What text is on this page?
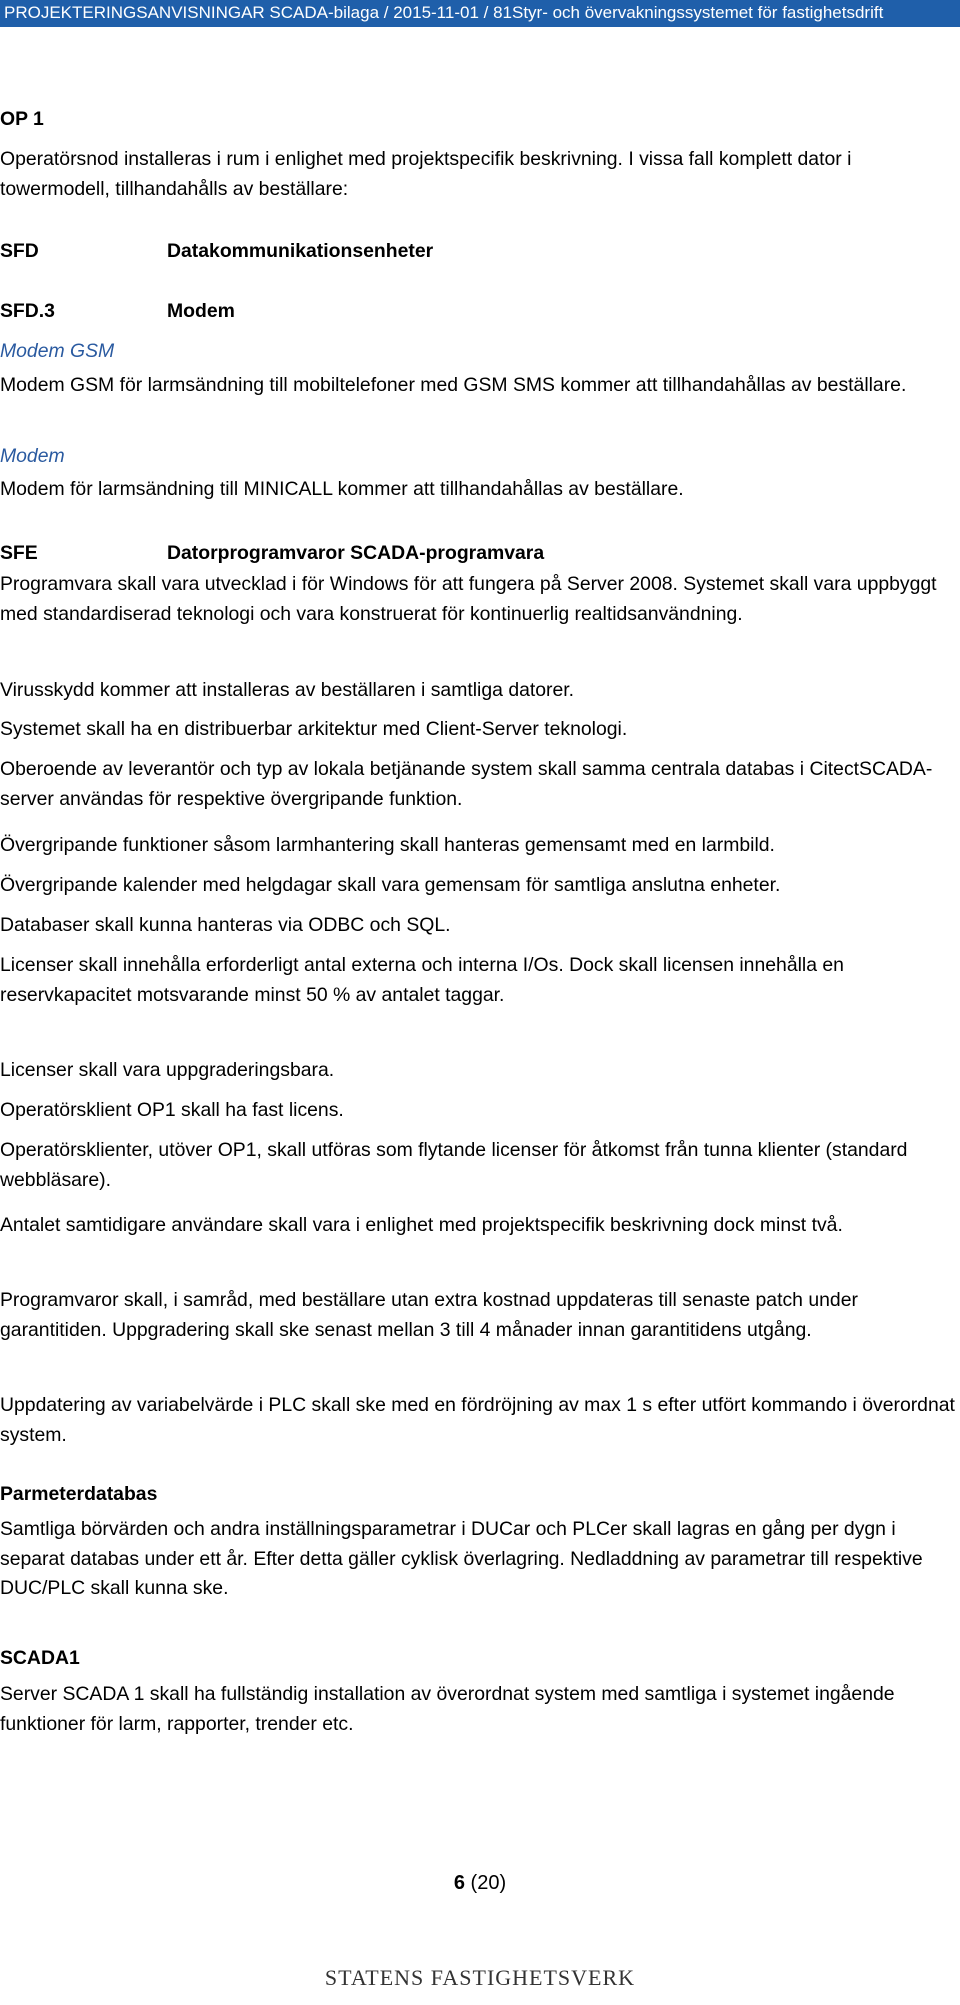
PROJEKTERINGSANVISNINGAR SCADA-bilaga / 2015-11-01 / 81Styr- och övervakningssystemet för fastighetsdrift

OP 1

Operatörsnod installeras i rum i enlighet med projektspecifik beskrivning. I vissa fall komplett dator i towermodell, tillhandahålls av beställare:

SFD	Datakommunikationsenheter
SFD.3	Modem

Modem GSM

Modem GSM för larmsändning till mobiltelefoner med GSM SMS kommer att tillhandahållas av beställare.

Modem

Modem för larmsändning till MINICALL kommer att tillhandahållas av beställare.

SFE	Datorprogramvaror SCADA-programvara

Programvara skall vara utvecklad i för Windows för att fungera på Server 2008. Systemet skall vara uppbyggt med standardiserad teknologi och vara konstruerat för kontinuerlig realtidsanvändning.

Virusskydd kommer att installeras av beställaren i samtliga datorer.

Systemet skall ha en distribuerbar arkitektur med Client-Server teknologi.

Oberoende av leverantör och typ av lokala betjänande system skall samma centrala databas i CitectSCADA-server användas för respektive övergripande funktion.

Övergripande funktioner såsom larmhantering skall hanteras gemensamt med en larmbild.

Övergripande kalender med helgdagar skall vara gemensam för samtliga anslutna enheter.

Databaser skall kunna hanteras via ODBC och SQL.

Licenser skall innehålla erforderligt antal externa och interna I/Os. Dock skall licensen innehålla en reservkapacitet motsvarande minst 50 % av antalet taggar.

Licenser skall vara uppgraderingsbara.

Operatörsklient OP1 skall ha fast licens.

Operatörsklienter, utöver OP1, skall utföras som flytande licenser för åtkomst från tunna klienter (standard webbläsare).

Antalet samtidigare användare skall vara i enlighet med projektspecifik beskrivning dock minst två.

Programvaror skall, i samråd, med beställare utan extra kostnad uppdateras till senaste patch under garantitiden. Uppgradering skall ske senast mellan 3 till 4 månader innan garantitidens utgång.

Uppdatering av variabelvärde i PLC skall ske med en fördröjning av max 1 s efter utfört kommando i överordnat system.

Parmeterdatabas

Samtliga börvärden och andra inställningsparametrar i DUCar och PLCer skall lagras en gång per dygn i separat databas under ett år. Efter detta gäller cyklisk överlagring. Nedladdning av parametrar till respektive DUC/PLC skall kunna ske.

SCADA1

Server SCADA 1 skall ha fullständig installation av överordnat system med samtliga i systemet ingående funktioner för larm, rapporter, trender etc.

6 (20)
STATENS FASTIGHETSVERK
